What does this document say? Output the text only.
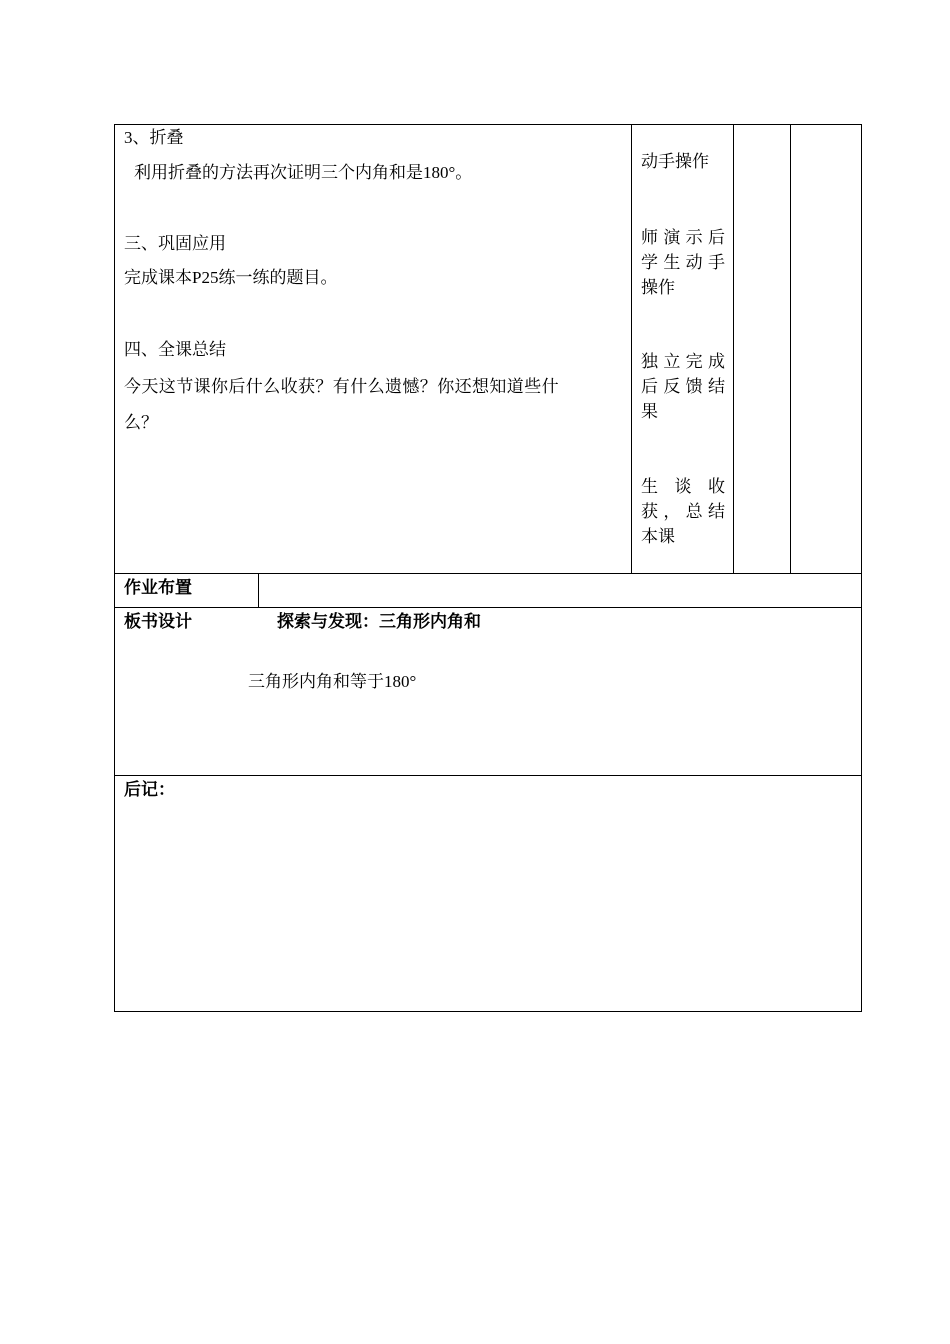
3、折叠
利用折叠的方法再次证明三个内角和是180°。
三、巩固应用
完成课本P25练一练的题目。
四、全课总结
今天这节课你后什么收获？有什么遗憾？你还想知道些什
么？
动手操作
师演示后
学生动手
操作
独立完成
后反馈结
果
生 谈 收
获，总结
本课
作业布置
板书设计	探索与发现：三角形内角和
三角形内角和等于180°
后记：
